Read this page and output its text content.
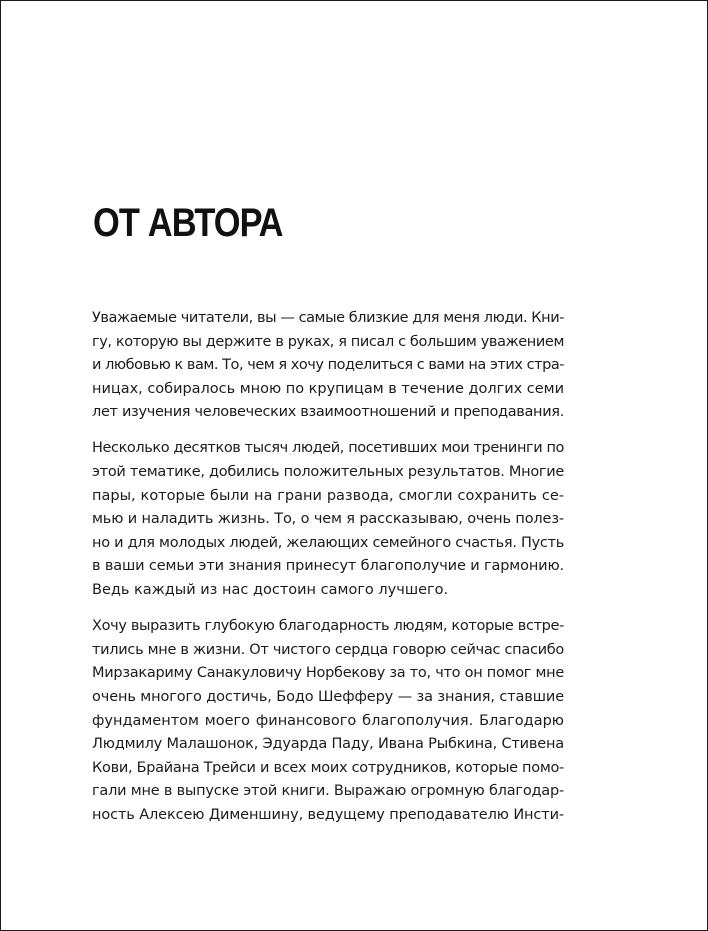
ОТ АВТОРА

Уважаемые читатели, вы — самые близкие для меня люди. Кни-
гу, которую вы держите в руках, я писал с большим уважением
и любовью к вам. То, чем я хочу поделиться с вами на этих стра-
ницах, собиралось мною по крупицам в течение долгих семи
лет изучения человеческих взаимоотношений и преподавания.

Несколько десятков тысяч людей, посетивших мои тренинги по
этой тематике, добились положительных результатов. Многие
пары, которые были на грани развода, смогли сохранить се-
мью и наладить жизнь. То, о чем я рассказываю, очень полез-
но и для молодых людей, желающих семейного счастья. Пусть
в ваши семьи эти знания принесут благополучие и гармонию.
Ведь каждый из нас достоин самого лучшего.

Хочу выразить глубокую благодарность людям, которые встре-
тились мне в жизни. От чистого сердца говорю сейчас спасибо
Мирзакариму Санакуловичу Норбекову за то, что он помог мне
очень многого достичь, Бодо Шефферу — за знания, ставшие
фундаментом моего финансового благополучия. Благодарю
Людмилу Малашонок, Эдуарда Паду, Ивана Рыбкина, Стивена
Кови, Брайана Трейси и всех моих сотрудников, которые помо-
гали мне в выпуске этой книги. Выражаю огромную благодар-
ность Алексею Дименшину, ведущему преподавателю Инсти-
